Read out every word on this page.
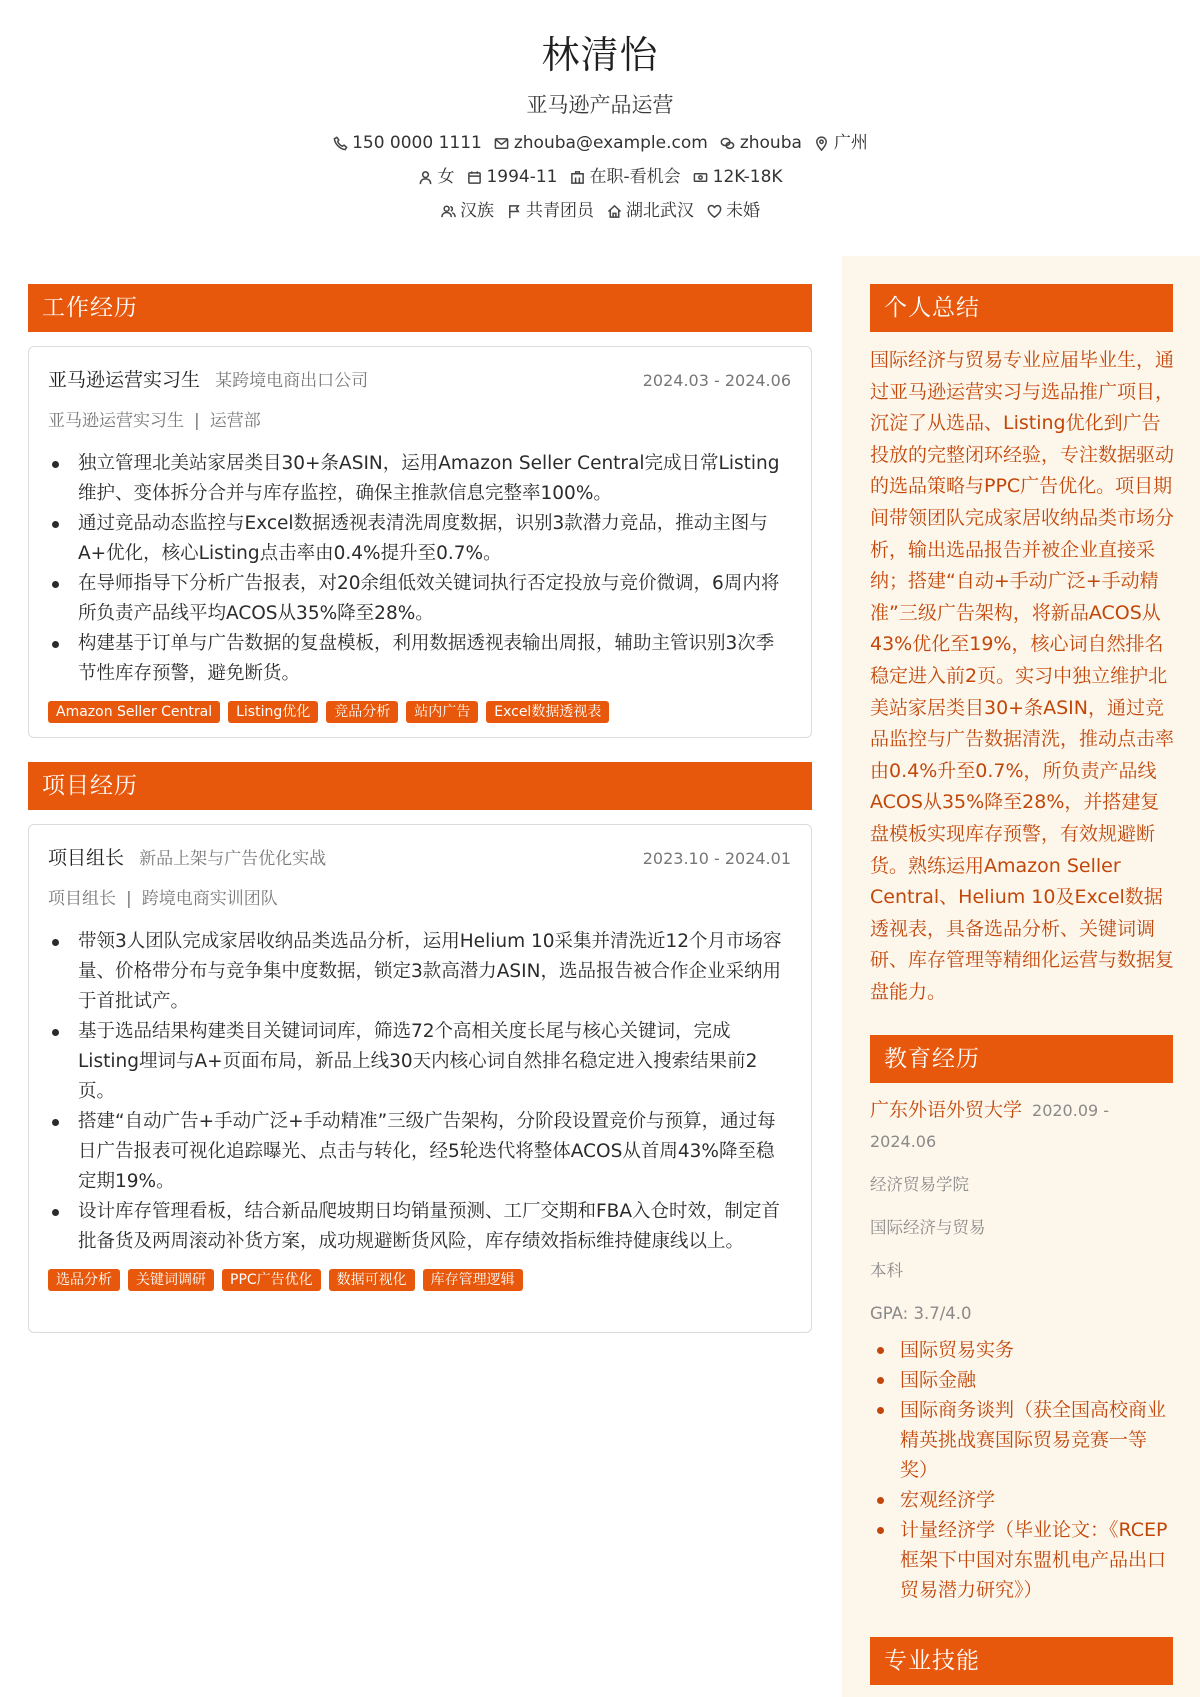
林清怡
亚马逊产品运营
150 0000 1111 zhouba@example.com zhouba 广州
女 1994-11 在职-看机会 12K-18K
汉族 共青团员 湖北武汉 未婚
工作经历
亚马逊运营实习生 某跨境电商出口公司	2024.03 - 2024.06
亚马逊运营实习生 | 运营部
独立管理北美站家居类目30+条ASIN，运用Amazon Seller Central完成日常Listing维护、变体拆分合并与库存监控，确保主推款信息完整率100%。
通过竞品动态监控与Excel数据透视表清洗周度数据，识别3款潜力竞品，推动主图与A+优化，核心Listing点击率由0.4%提升至0.7%。
在导师指导下分析广告报表，对20余组低效关键词执行否定投放与竞价微调，6周内将所负责产品线平均ACOS从35%降至28%。
构建基于订单与广告数据的复盘模板，利用数据透视表输出周报，辅助主管识别3次季节性库存预警，避免断货。
Amazon Seller Central	Listing优化	竞品分析	站内广告	Excel数据透视表
项目经历
项目组长 新品上架与广告优化实战	2023.10 - 2024.01
项目组长 | 跨境电商实训团队
带领3人团队完成家居收纳品类选品分析，运用Helium 10采集并清洗近12个月市场容量、价格带分布与竞争集中度数据，锁定3款高潜力ASIN，选品报告被合作企业采纳用于首批试产。
基于选品结果构建类目关键词词库，筛选72个高相关度长尾与核心关键词，完成Listing埋词与A+页面布局，新品上线30天内核心词自然排名稳定进入搜索结果前2页。
搭建“自动广告+手动广泛+手动精准”三级广告架构，分阶段设置竞价与预算，通过每日广告报表可视化追踪曝光、点击与转化，经5轮迭代将整体ACOS从首周43%降至稳定期19%。
设计库存管理看板，结合新品爬坡期日均销量预测、工厂交期和FBA入仓时效，制定首批备货及两周滚动补货方案，成功规避断货风险，库存绩效指标维持健康线以上。
选品分析	关键词调研	PPC广告优化	数据可视化	库存管理逻辑
个人总结
国际经济与贸易专业应届毕业生，通过亚马逊运营实习与选品推广项目，沉淀了从选品、Listing优化到广告投放的完整闭环经验，专注数据驱动的选品策略与PPC广告优化。项目期间带领团队完成家居收纳品类市场分析，输出选品报告并被企业直接采纳；搭建“自动+手动广泛+手动精准”三级广告架构，将新品ACOS从43%优化至19%，核心词自然排名稳定进入前2页。实习中独立维护北美站家居类目30+条ASIN，通过竞品监控与广告数据清洗，推动点击率由0.4%升至0.7%，所负责产品线ACOS从35%降至28%，并搭建复盘模板实现库存预警，有效规避断货。熟练运用Amazon Seller Central、Helium 10及Excel数据透视表，具备选品分析、关键词调研、库存管理等精细化运营与数据复盘能力。
教育经历
广东外语外贸大学 2020.09 - 2024.06
经济贸易学院
国际经济与贸易
本科
GPA: 3.7/4.0
国际贸易实务
国际金融
国际商务谈判（获全国高校商业精英挑战赛国际贸易竞赛一等奖）
宏观经济学
计量经济学（毕业论文：《RCEP框架下中国对东盟机电产品出口贸易潜力研究》）
专业技能
